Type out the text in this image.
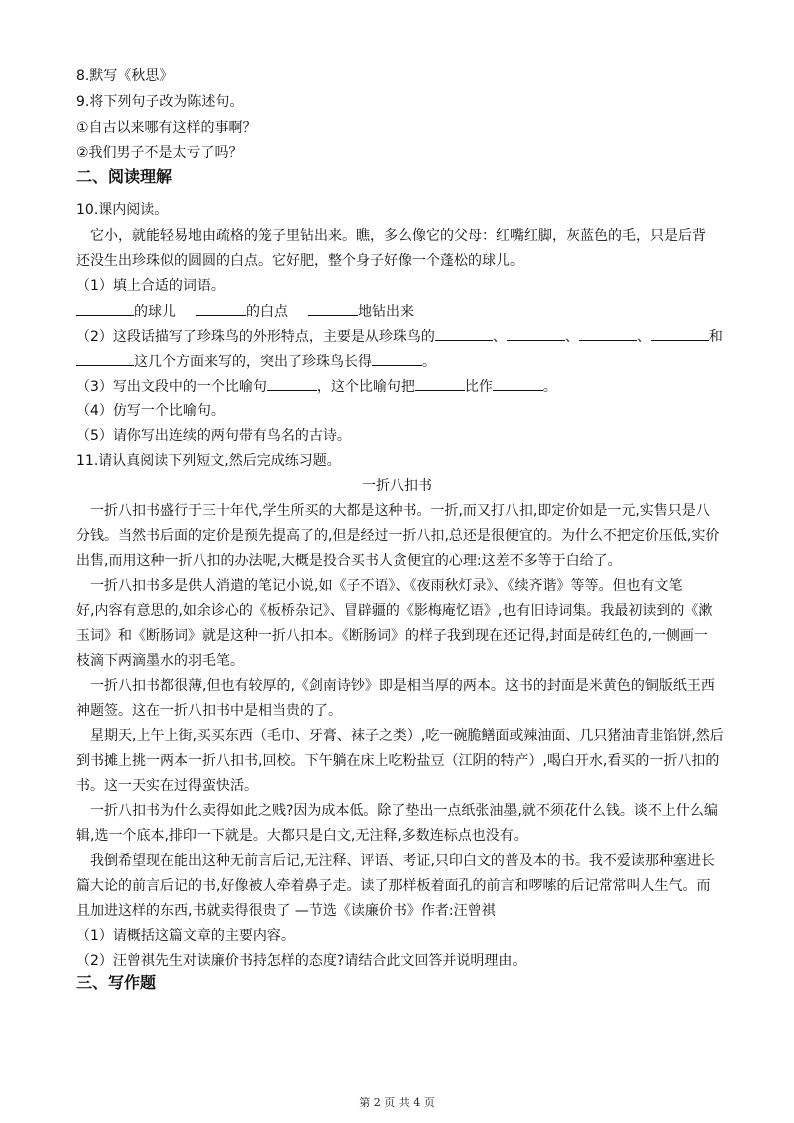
8.默写《秋思》
9.将下列句子改为陈述句。
①自古以来哪有这样的事啊？
②我们男子不是太亏了吗？
二、阅读理解
10.课内阅读。
它小，就能轻易地由疏格的笼子里钻出来。瞧，多么像它的父母：红嘴红脚，灰蓝色的毛，只是后背
还没生出珍珠似的圆圆的白点。它好肥，整个身子好像一个蓬松的球儿。
（1）填上合适的词语。
的球儿	的白点	地钻出来
（2）这段话描写了珍珠鸟的外形特点，主要是从珍珠鸟的	、	、	、	和
这几个方面来写的，突出了珍珠鸟长得	。
（3）写出文段中的一个比喻句	，这个比喻句把	比作	。
（4）仿写一个比喻句。
（5）请你写出连续的两句带有鸟名的古诗。
11.请认真阅读下列短文,然后完成练习题。
一折八扣书
一折八扣书盛行于三十年代,学生所买的大都是这种书。一折,而又打八扣,即定价如是一元,实售只是八
分钱。当然书后面的定价是预先提高了的,但是经过一折八扣,总还是很便宜的。为什么不把定价压低,实价
出售,而用这种一折八扣的办法呢,大概是投合买书人贪便宜的心理:这差不多等于白给了。
一折八扣书多是供人消遣的笔记小说,如《子不语》、《夜雨秋灯录》、《续齐谐》等等。但也有文笔
好,内容有意思的,如余诊心的《板桥杂记》、冒辟疆的《影梅庵忆语》,也有旧诗词集。我最初读到的《漱
玉词》和《断肠词》就是这种一折八扣本。《断肠词》的样子我到现在还记得,封面是砖红色的,一侧画一
枝滴下两滴墨水的羽毛笔。
一折八扣书都很薄,但也有较厚的,《剑南诗钞》即是相当厚的两本。这书的封面是米黄色的铜版纸王西
神题签。这在一折八扣书中是相当贵的了。
星期天,上午上街,买买东西（毛巾、牙膏、袜子之类）,吃一碗脆鳝面或辣油面、几只猪油青韭馅饼,然后
到书摊上挑一两本一折八扣书,回校。下午躺在床上吃粉盐豆（江阴的特产）,喝白开水,看买的一折八扣的
书。这一天实在过得蛮快活。
一折八扣书为什么卖得如此之贱?因为成本低。除了垫出一点纸张油墨,就不须花什么钱。谈不上什么编
辑,选一个底本,排印一下就是。大都只是白文,无注释,多数连标点也没有。
我倒希望现在能出这种无前言后记,无注释、评语、考证,只印白文的普及本的书。我不爱读那种塞进长
篇大论的前言后记的书,好像被人牵着鼻子走。读了那样板着面孔的前言和啰嗦的后记常常叫人生气。而
且加进这样的东西,书就卖得很贵了 —节选《读廉价书》作者:汪曾祺
（1）请概括这篇文章的主要内容。
（2）汪曾祺先生对读廉价书持怎样的态度?请结合此文回答并说明理由。
三、写作题
第 2 页 共 4 页
